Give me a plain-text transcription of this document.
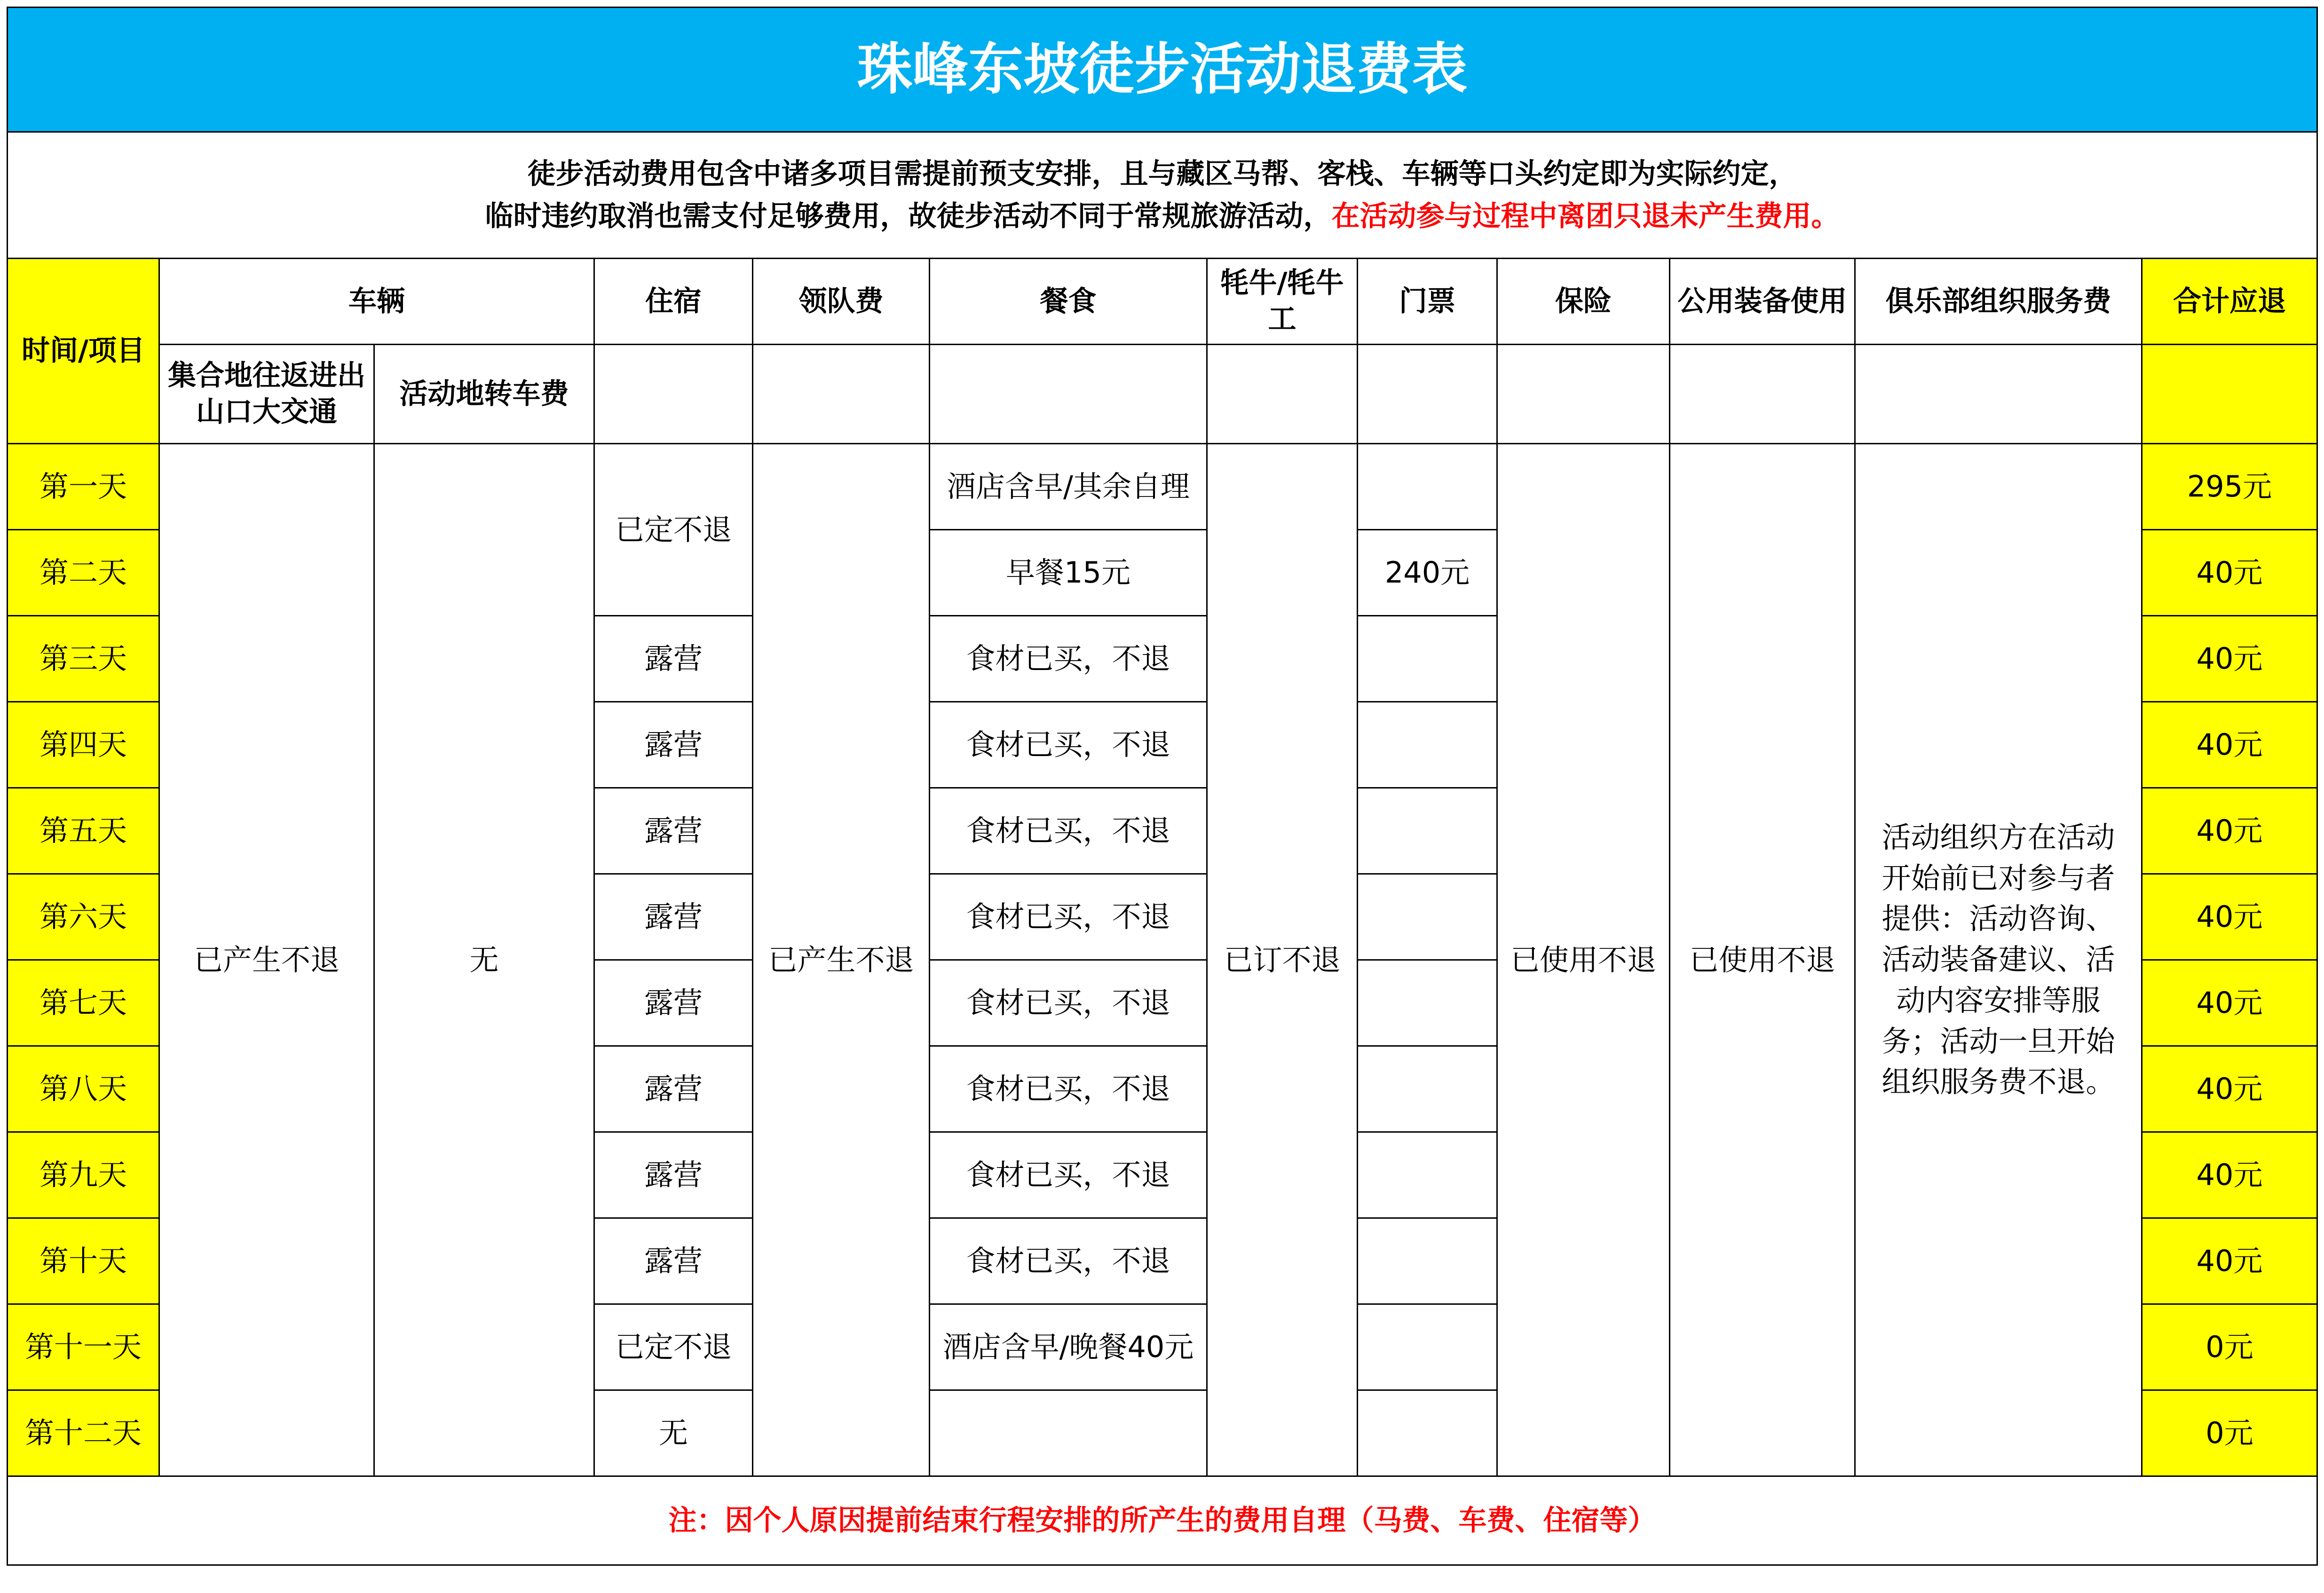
珠峰东坡徒步活动退费表											
徒步活动费用包含中诸多项目需提前预支安排，且与藏区马帮、客栈、车辆等口头约定即为实际约定，
临时违约取消也需支付足够费用，故徒步活动不同于常规旅游活动，在活动参与过程中离团只退未产生费用。											
时间/项目	车辆		住宿	领队费	餐食	牦牛/牦牛工	门票	保险	公用装备使用	俱乐部组织服务费	合计应退
	集合地往返进出山口大交通	活动地转车费									
第一天	已产生不退	无	已定不退	已产生不退	酒店含早/其余自理	已订不退		已使用不退	已使用不退	活动组织方在活动开始前已对参与者提供：活动咨询、活动装备建议、活动内容安排等服务；活动一旦开始组织服务费不退。	295元
第二天					早餐15元		240元				40元
第三天			露营		食材已买，不退						40元
第四天			露营		食材已买，不退						40元
第五天			露营		食材已买，不退						40元
第六天			露营		食材已买，不退						40元
第七天			露营		食材已买，不退						40元
第八天			露营		食材已买，不退						40元
第九天			露营		食材已买，不退						40元
第十天			露营		食材已买，不退						40元
第十一天			已定不退		酒店含早/晚餐40元						0元
第十二天			无								0元
注：因个人原因提前结束行程安排的所产生的费用自理（马费、车费、住宿等）											
